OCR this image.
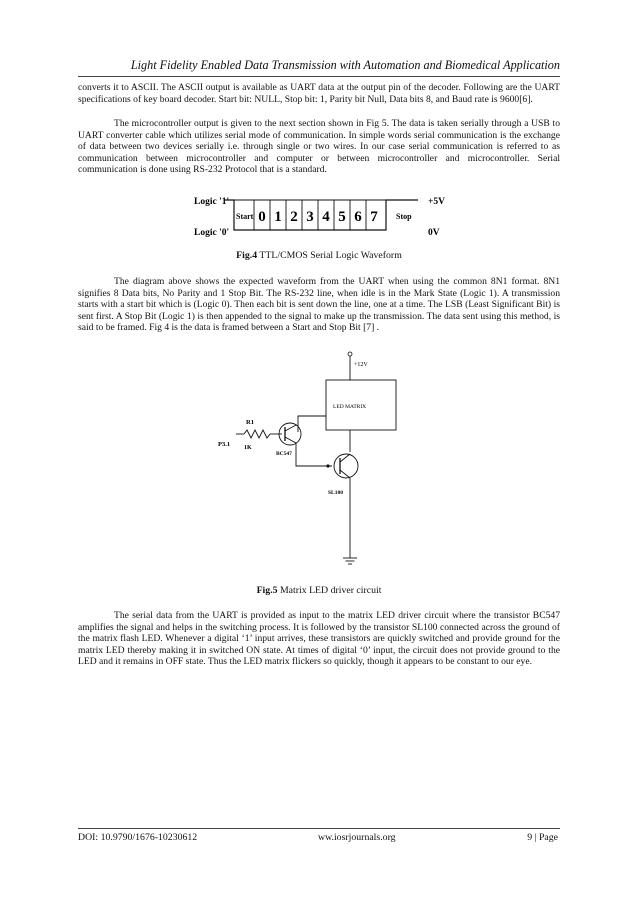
Light Fidelity Enabled Data Transmission with Automation and Biomedical Application

converts it to ASCII. The ASCII output is available as UART data at the output pin of the decoder. Following are the UART specifications of key board decoder. Start bit: NULL, Stop bit: 1, Parity bit Null, Data bits 8, and Baud rate is 9600[6].

The microcontroller output is given to the next section shown in Fig 5. The data is taken serially through a USB to UART converter cable which utilizes serial mode of communication. In simple words serial communication is the exchange of data between two devices serially i.e. through single or two wires. In our case serial communication is referred to as communication between microcontroller and computer or between microcontroller and microcontroller. Serial communication is done using RS-232 Protocol that is a standard.

Logic '1'
Logic '0'
Start 0 1 2 3 4 5 6 7 Stop
+5V
0V
Fig.4 TTL/CMOS Serial Logic Waveform

The diagram above shows the expected waveform from the UART when using the common 8N1 format. 8N1 signifies 8 Data bits, No Parity and 1 Stop Bit. The RS-232 line, when idle is in the Mark State (Logic 1). A transmission starts with a start bit which is (Logic 0). Then each bit is sent down the line, one at a time. The LSB (Least Significant Bit) is sent first. A Stop Bit (Logic 1) is then appended to the signal to make up the transmission. The data sent using this method, is said to be framed. Fig 4 is the data is framed between a Start and Stop Bit [7] .

+12V
LED MATRIX
P3.1
R1
1K
BC547
SL100
Fig.5 Matrix LED driver circuit

The serial data from the UART is provided as input to the matrix LED driver circuit where the transistor BC547 amplifies the signal and helps in the switching process. It is followed by the transistor SL100 connected across the ground of the matrix flash LED. Whenever a digital ‘1’ input arrives, these transistors are quickly switched and provide ground for the matrix LED thereby making it in switched ON state. At times of digital ‘0’ input, the circuit does not provide ground to the LED and it remains in OFF state. Thus the LED matrix flickers so quickly, though it appears to be constant to our eye.

DOI: 10.9790/1676-10230612	ww.iosrjournals.org	9 | Page
